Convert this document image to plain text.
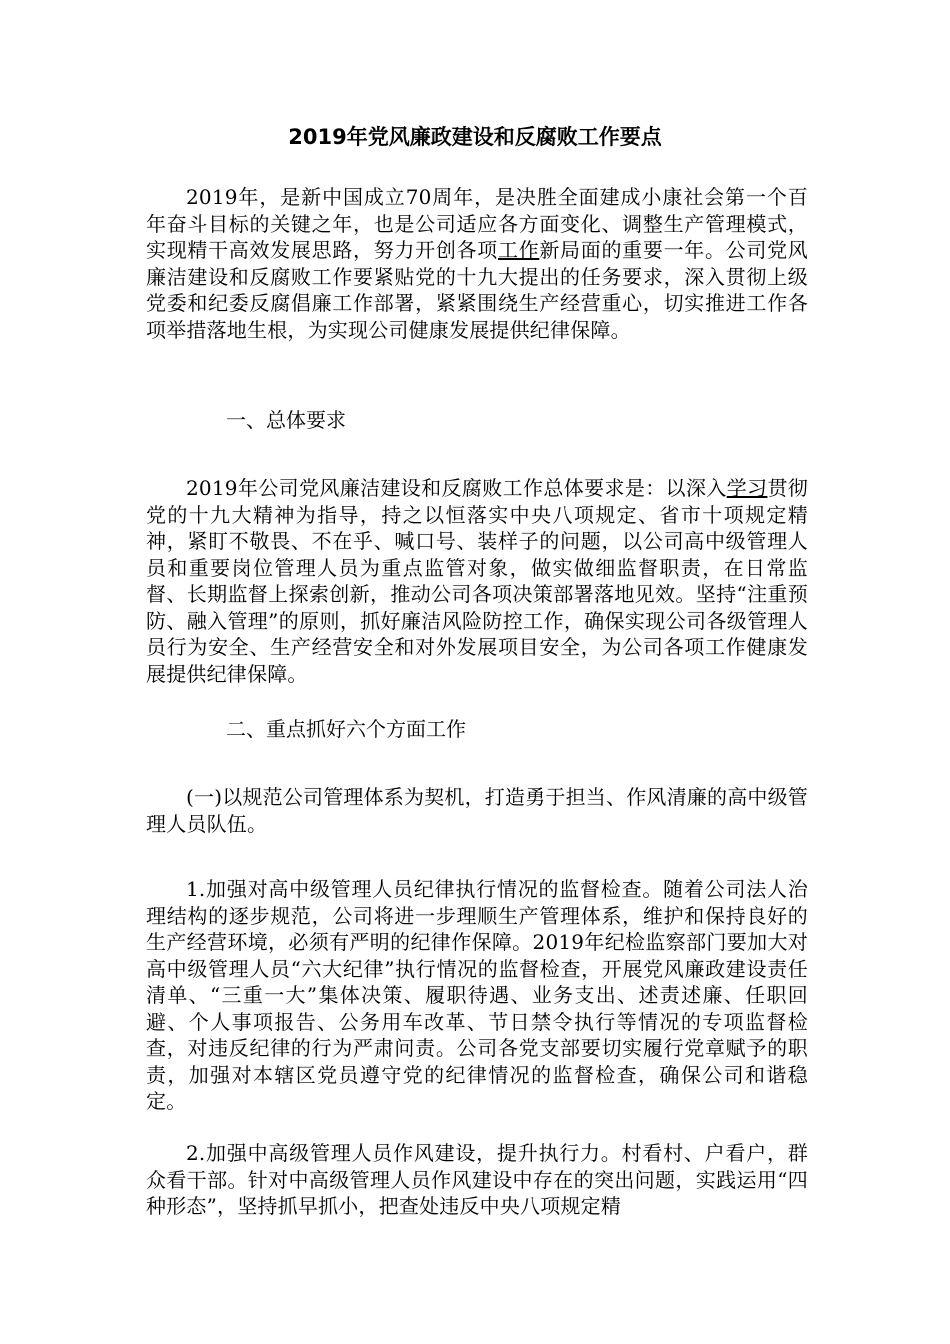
2019年党风廉政建设和反腐败工作要点

2019年，是新中国成立70周年，是决胜全面建成小康社会第一个百年奋斗目标的关键之年，也是公司适应各方面变化、调整生产管理模式，实现精干高效发展思路，努力开创各项工作新局面的重要一年。公司党风廉洁建设和反腐败工作要紧贴党的十九大提出的任务要求，深入贯彻上级党委和纪委反腐倡廉工作部署，紧紧围绕生产经营重心，切实推进工作各项举措落地生根，为实现公司健康发展提供纪律保障。

一、总体要求

2019年公司党风廉洁建设和反腐败工作总体要求是：以深入学习贯彻党的十九大精神为指导，持之以恒落实中央八项规定、省市十项规定精神，紧盯不敬畏、不在乎、喊口号、装样子的问题，以公司高中级管理人员和重要岗位管理人员为重点监管对象，做实做细监督职责，在日常监督、长期监督上探索创新，推动公司各项决策部署落地见效。坚持“注重预防、融入管理”的原则，抓好廉洁风险防控工作，确保实现公司各级管理人员行为安全、生产经营安全和对外发展项目安全，为公司各项工作健康发展提供纪律保障。

二、重点抓好六个方面工作

(一)以规范公司管理体系为契机，打造勇于担当、作风清廉的高中级管理人员队伍。

1.加强对高中级管理人员纪律执行情况的监督检查。随着公司法人治理结构的逐步规范，公司将进一步理顺生产管理体系，维护和保持良好的生产经营环境，必须有严明的纪律作保障。2019年纪检监察部门要加大对高中级管理人员“六大纪律”执行情况的监督检查，开展党风廉政建设责任清单、“三重一大”集体决策、履职待遇、业务支出、述责述廉、任职回避、个人事项报告、公务用车改革、节日禁令执行等情况的专项监督检查，对违反纪律的行为严肃问责。公司各党支部要切实履行党章赋予的职责，加强对本辖区党员遵守党的纪律情况的监督检查，确保公司和谐稳定。

2.加强中高级管理人员作风建设，提升执行力。村看村、户看户，群众看干部。针对中高级管理人员作风建设中存在的突出问题，实践运用“四种形态”，坚持抓早抓小，把查处违反中央八项规定精
